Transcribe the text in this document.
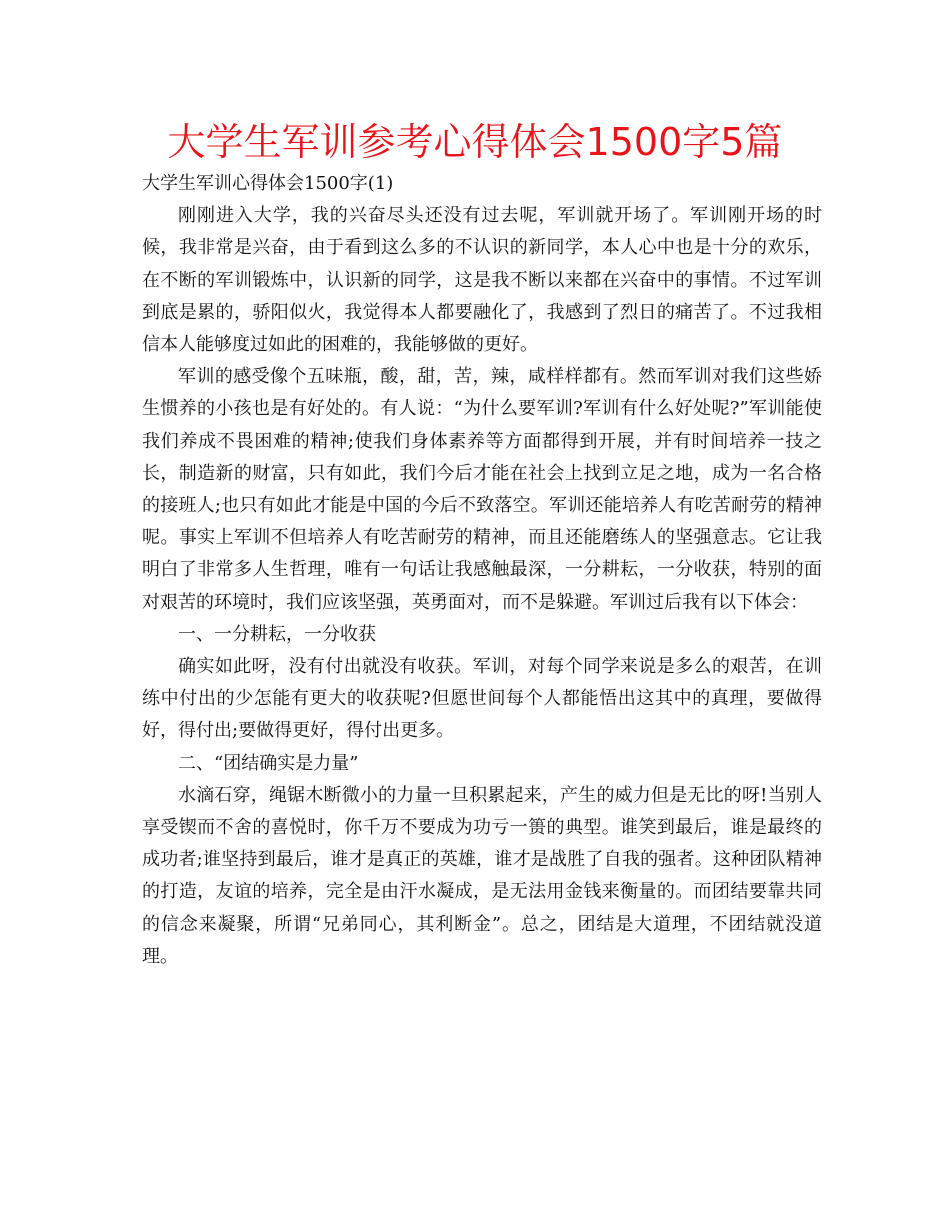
大学生军训参考心得体会1500字5篇

大学生军训心得体会1500字(1)

刚刚进入大学，我的兴奋尽头还没有过去呢，军训就开场了。军训刚开场的时候，我非常是兴奋，由于看到这么多的不认识的新同学，本人心中也是十分的欢乐，在不断的军训锻炼中，认识新的同学，这是我不断以来都在兴奋中的事情。不过军训到底是累的，骄阳似火，我觉得本人都要融化了，我感到了烈日的痛苦了。不过我相信本人能够度过如此的困难的，我能够做的更好。

军训的感受像个五味瓶，酸，甜，苦，辣，咸样样都有。然而军训对我们这些娇生惯养的小孩也是有好处的。有人说：“为什么要军训?军训有什么好处呢?”军训能使我们养成不畏困难的精神;使我们身体素养等方面都得到开展，并有时间培养一技之长，制造新的财富，只有如此，我们今后才能在社会上找到立足之地，成为一名合格的接班人;也只有如此才能是中国的今后不致落空。军训还能培养人有吃苦耐劳的精神呢。事实上军训不但培养人有吃苦耐劳的精神，而且还能磨练人的坚强意志。它让我明白了非常多人生哲理，唯有一句话让我感触最深，一分耕耘，一分收获，特别的面对艰苦的环境时，我们应该坚强，英勇面对，而不是躲避。军训过后我有以下体会：

一、一分耕耘，一分收获

确实如此呀，没有付出就没有收获。军训，对每个同学来说是多么的艰苦，在训练中付出的少怎能有更大的收获呢?但愿世间每个人都能悟出这其中的真理，要做得好，得付出;要做得更好，得付出更多。

二、“团结确实是力量”

水滴石穿，绳锯木断微小的力量一旦积累起来，产生的威力但是无比的呀!当别人享受锲而不舍的喜悦时，你千万不要成为功亏一篑的典型。谁笑到最后，谁是最终的成功者;谁坚持到最后，谁才是真正的英雄，谁才是战胜了自我的强者。这种团队精神的打造，友谊的培养，完全是由汗水凝成，是无法用金钱来衡量的。而团结要靠共同的信念来凝聚，所谓“兄弟同心，其利断金”。总之，团结是大道理，不团结就没道理。
